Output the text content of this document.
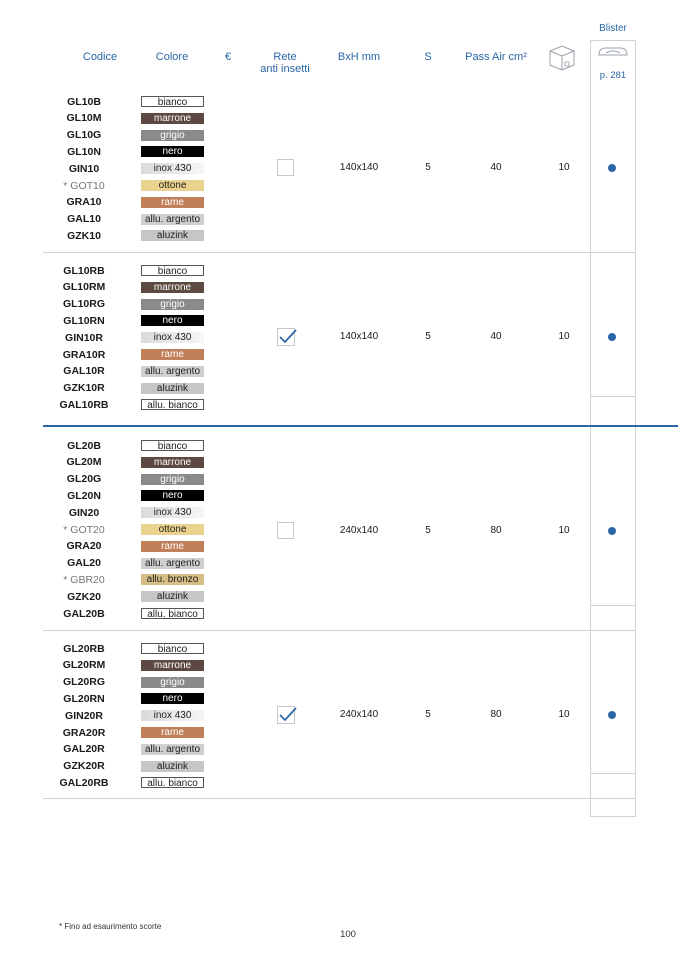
Codice	Colore	€	Rete
anti insetti
BxH mm	S	Pass Air cm²
Blister
p. 281
GL10B	bianco
GL10M	marrone
GL10G	grigio
GL10N	nero
GIN10	inox 430
* GOT10	ottone
GRA10	rame
GAL10	allu. argento
GZK10	aluzink
140x140	5	40	10
GL10RB	bianco
GL10RM	marrone
GL10RG	grigio
GL10RN	nero
GIN10R	inox 430
GRA10R	rame
GAL10R	allu. argento
GZK10R	aluzink
GAL10RB	allu. bianco
140x140	5	40	10
GL20B	bianco
GL20M	marrone
GL20G	grigio
GL20N	nero
GIN20	inox 430
* GOT20	ottone
GRA20	rame
GAL20	allu. argento
* GBR20	allu. bronzo
GZK20	aluzink
GAL20B	allu. bianco
240x140	5	80	10
GL20RB	bianco
GL20RM	marrone
GL20RG	grigio
GL20RN	nero
GIN20R	inox 430
GRA20R	rame
GAL20R	allu. argento
GZK20R	aluzink
GAL20RB	allu. bianco
240x140	5	80	10
* Fino ad esaurimento scorte
100
